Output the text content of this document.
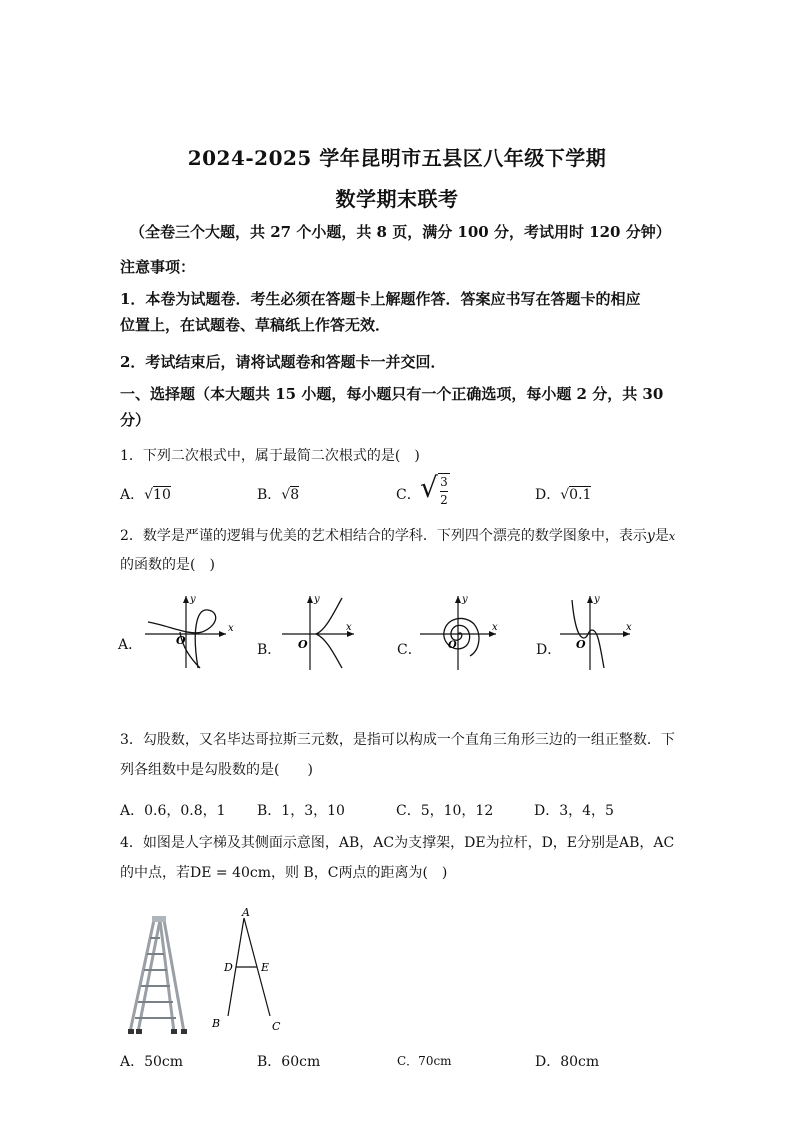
2024-2025 学年昆明市五县区八年级下学期
数学期末联考
（全卷三个大题，共 27 个小题，共 8 页，满分 100 分，考试用时 120 分钟）
注意事项：
1．本卷为试题卷．考生必须在答题卡上解题作答．答案应书写在答题卡的相应
位置上，在试题卷、草稿纸上作答无效．
2．考试结束后，请将试题卷和答题卡一并交回．
一、选择题（本大题共 15 小题，每小题只有一个正确选项，每小题 2 分，共 30
分）
1．下列二次根式中，属于最简二次根式的是(　)
A．√10	B．√8	C． √ 3
2	D．√0.1
2．数学是严谨的逻辑与优美的艺术相结合的学科．下列四个漂亮的数学图象中，表示y是x
的函数的是(　)
A．
x
y
O
B．
x
y
O	C．
x
y
O	D．
x
y
O
3．勾股数，又名毕达哥拉斯三元数，是指可以构成一个直角三角形三边的一组正整数．下
列各组数中是勾股数的是(　　)
A．0.6，0.8，1 B．1，3，10	C．5，10，12	D．3，4，5
4．如图是人字梯及其侧面示意图，AB，AC为支撑架，DE为拉杆，D，E分别是AB，AC
的中点，若DE = 40cm，则 B，C两点的距离为(　)
A
B	C
D	E
A．50cm	B．60cm	C．70cm	D．80cm
